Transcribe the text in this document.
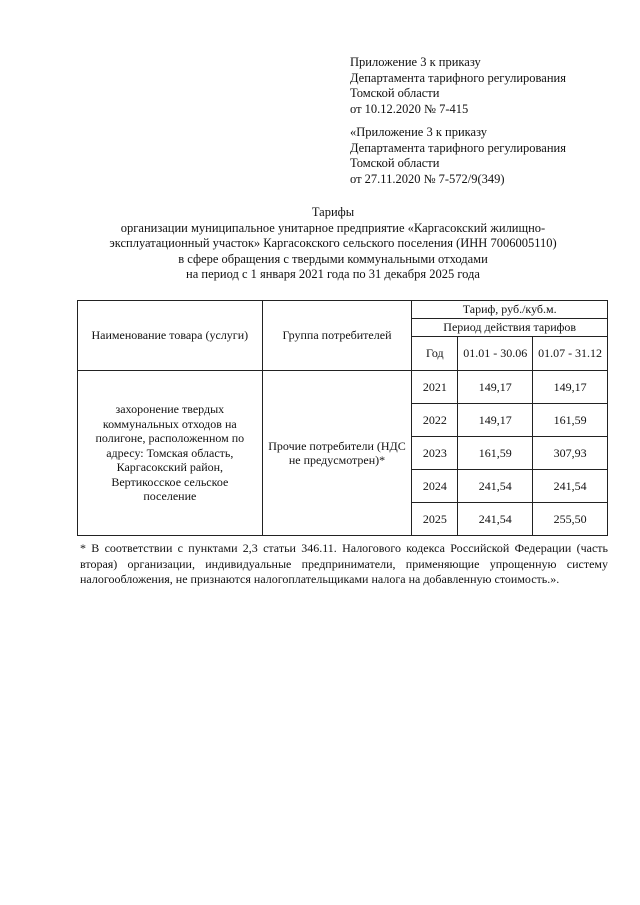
Приложение 3 к приказу
Департамента тарифного регулирования
Томской области
от 10.12.2020 № 7-415
«Приложение 3 к приказу
Департамента тарифного регулирования
Томской области
от 27.11.2020 № 7-572/9(349)
Тарифы
организации муниципальное унитарное предприятие «Каргасокский жилищно-
эксплуатационный участок» Каргасокского сельского поселения (ИНН 7006005110)
в сфере обращения с твердыми коммунальными отходами
на период с 1 января 2021 года по 31 декабря 2025 года
Наименование товара (услуги)	Группа потребителей	Тариф, руб./куб.м.		
		Период действия тарифов		
		Год	01.01 - 30.06	01.07 - 31.12
захоронение твердых коммунальных отходов на полигоне, расположенном по адресу: Томская область, Каргасокский район, Вертикосское сельское поселение	Прочие потребители (НДС не предусмотрен)*	2021	149,17	149,17
		2022	149,17	161,59
		2023	161,59	307,93
		2024	241,54	241,54
		2025	241,54	255,50
* В соответствии с пунктами 2,3 статьи 346.11. Налогового кодекса Российской Федерации (часть вторая) организации, индивидуальные предприниматели, применяющие упрощенную систему налогообложения, не признаются налогоплательщиками налога на добавленную стоимость.».
